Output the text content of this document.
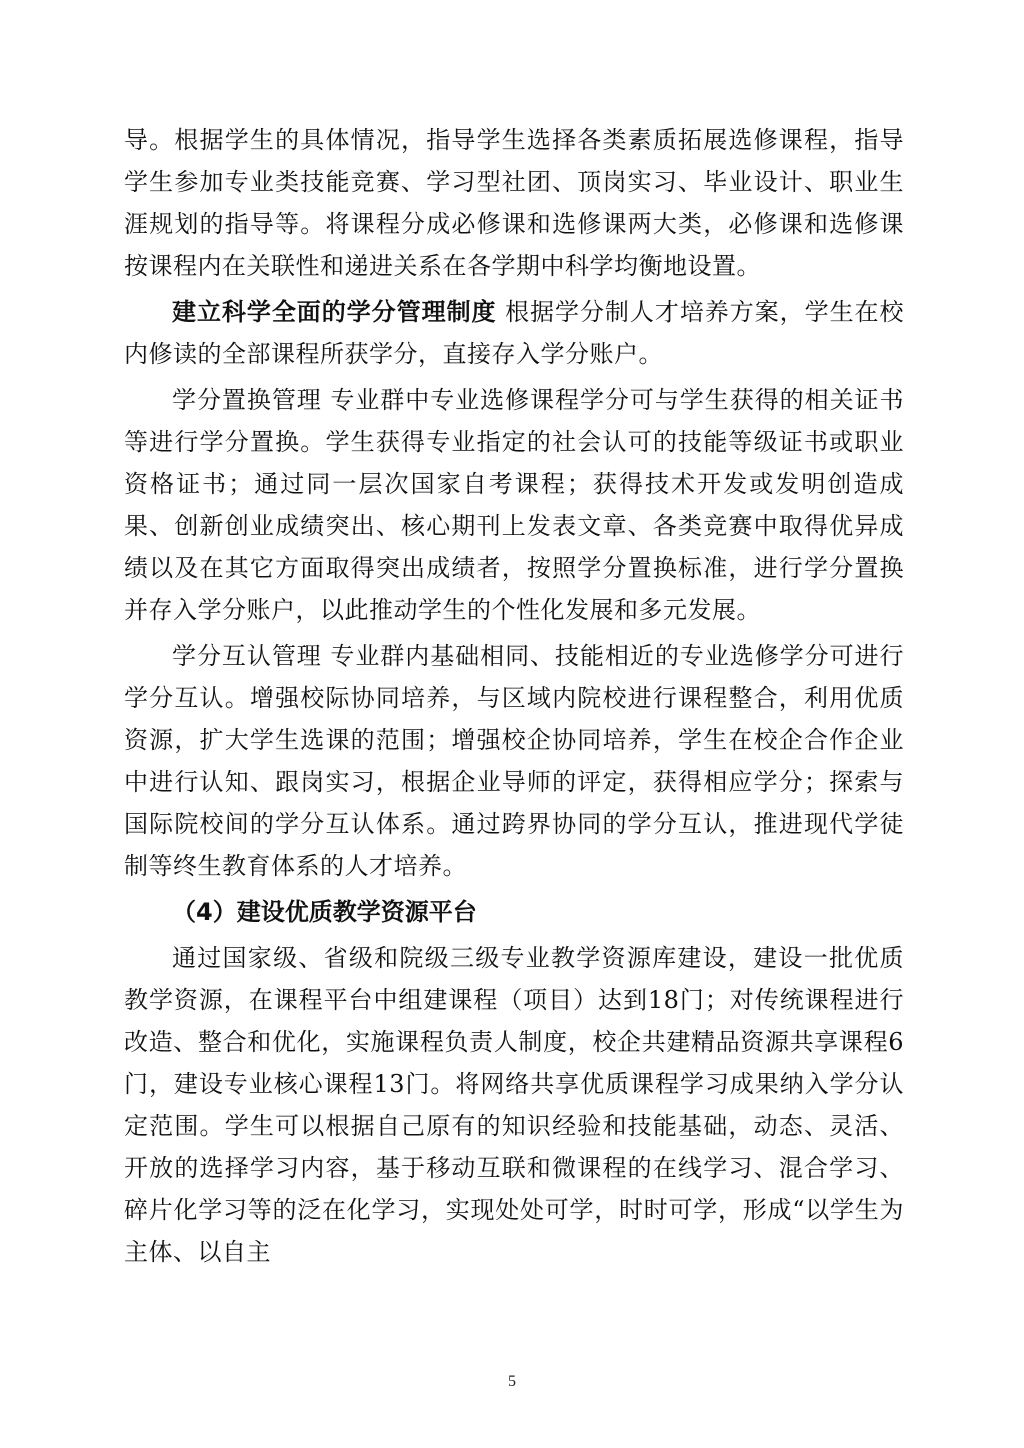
导。根据学生的具体情况，指导学生选择各类素质拓展选修课程，指导学生参加专业类技能竞赛、学习型社团、顶岗实习、毕业设计、职业生涯规划的指导等。将课程分成必修课和选修课两大类，必修课和选修课按课程内在关联性和递进关系在各学期中科学均衡地设置。

建立科学全面的学分管理制度 根据学分制人才培养方案，学生在校内修读的全部课程所获学分，直接存入学分账户。

学分置换管理 专业群中专业选修课程学分可与学生获得的相关证书等进行学分置换。学生获得专业指定的社会认可的技能等级证书或职业资格证书；通过同一层次国家自考课程；获得技术开发或发明创造成果、创新创业成绩突出、核心期刊上发表文章、各类竞赛中取得优异成绩以及在其它方面取得突出成绩者，按照学分置换标准，进行学分置换并存入学分账户，以此推动学生的个性化发展和多元发展。

学分互认管理 专业群内基础相同、技能相近的专业选修学分可进行学分互认。增强校际协同培养，与区域内院校进行课程整合，利用优质资源，扩大学生选课的范围；增强校企协同培养，学生在校企合作企业中进行认知、跟岗实习，根据企业导师的评定，获得相应学分；探索与国际院校间的学分互认体系。通过跨界协同的学分互认，推进现代学徒制等终生教育体系的人才培养。

（4）建设优质教学资源平台

通过国家级、省级和院级三级专业教学资源库建设，建设一批优质教学资源，在课程平台中组建课程（项目）达到18门；对传统课程进行改造、整合和优化，实施课程负责人制度，校企共建精品资源共享课程6门，建设专业核心课程13门。将网络共享优质课程学习成果纳入学分认定范围。学生可以根据自己原有的知识经验和技能基础，动态、灵活、开放的选择学习内容，基于移动互联和微课程的在线学习、混合学习、碎片化学习等的泛在化学习，实现处处可学，时时可学，形成“以学生为主体、以自主

5
